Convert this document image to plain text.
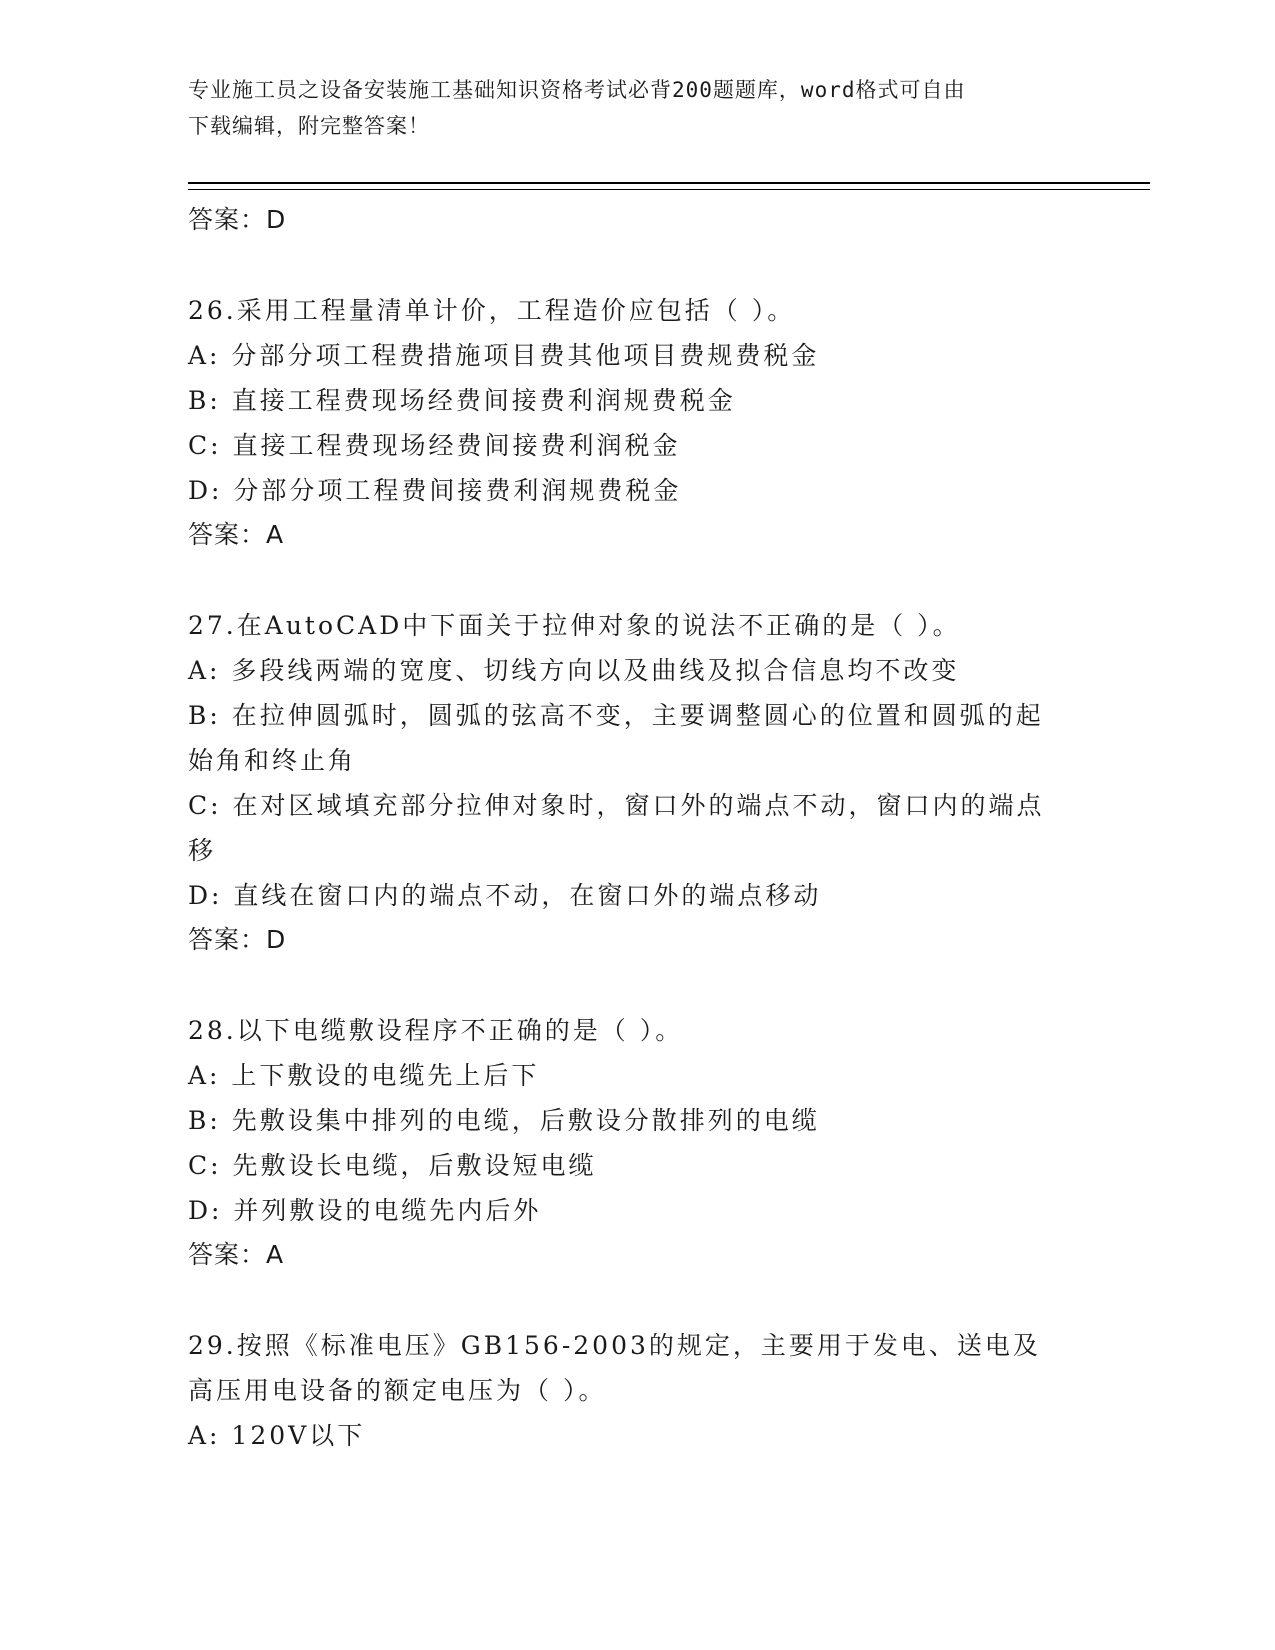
专业施工员之设备安装施工基础知识资格考试必背200题题库，word格式可自由
下载编辑，附完整答案！
答案：D
26.采用工程量清单计价，工程造价应包括（ ）。
A: 分部分项工程费措施项目费其他项目费规费税金
B: 直接工程费现场经费间接费利润规费税金
C: 直接工程费现场经费间接费利润税金
D: 分部分项工程费间接费利润规费税金
答案：A
27.在AutoCAD中下面关于拉伸对象的说法不正确的是（ ）。
A: 多段线两端的宽度、切线方向以及曲线及拟合信息均不改变
B: 在拉伸圆弧时，圆弧的弦高不变，主要调整圆心的位置和圆弧的起始角和终止角
C: 在对区域填充部分拉伸对象时，窗口外的端点不动，窗口内的端点移
D: 直线在窗口内的端点不动，在窗口外的端点移动
答案：D
28.以下电缆敷设程序不正确的是（ ）。
A: 上下敷设的电缆先上后下
B: 先敷设集中排列的电缆，后敷设分散排列的电缆
C: 先敷设长电缆，后敷设短电缆
D: 并列敷设的电缆先内后外
答案：A
29.按照《标准电压》GB156-2003的规定，主要用于发电、送电及高压用电设备的额定电压为（ ）。
A: 120V以下
